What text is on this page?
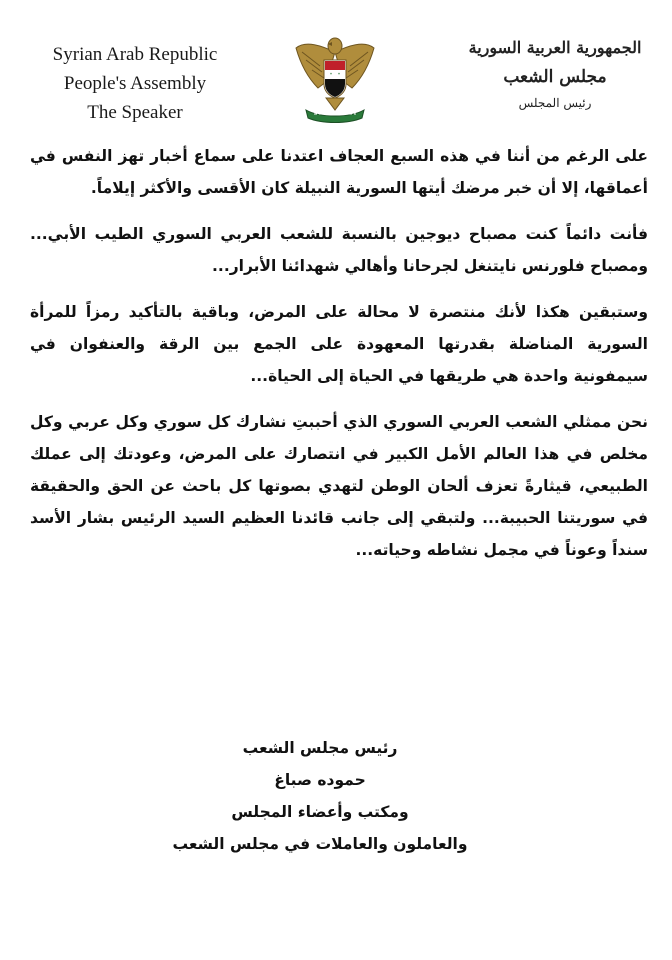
Syrian Arab Republic
People's Assembly
The Speaker
الجمهورية العربية السورية
مجلس الشعب
رئيس المجلس

على الرغم من أننا في هذه السبع العجاف اعتدنا على سماع أخبار تهز النفس في أعماقها، إلا أن خبر مرضك أيتها السورية النبيلة كان الأقسى والأكثر إيلاماً.

فأنت دائماً كنت مصباح ديوجين بالنسبة للشعب العربي السوري الطيب الأبي... ومصباح فلورنس نايتنغل لجرحانا وأهالي شهدائنا الأبرار...

وستبقين هكذا لأنك منتصرة لا محالة على المرض، وباقية بالتأكيد رمزاً للمرأة السورية المناضلة بقدرتها المعهودة على الجمع بين الرقة والعنفوان في سيمفونية واحدة هي طريقها في الحياة إلى الحياة...

نحن ممثلي الشعب العربي السوري الذي أحببتِ نشارك كل سوري وكل عربي وكل مخلص في هذا العالم الأمل الكبير في انتصارك على المرض، وعودتك إلى عملك الطبيعي، قيثارةً تعزف ألحان الوطن لتهدي بصوتها كل باحث عن الحق والحقيقة في سوريتنا الحبيبة... ولتبقي إلى جانب قائدنا العظيم السيد الرئيس بشار الأسد سنداً وعوناً في مجمل نشاطه وحياته...

رئيس مجلس الشعب
حموده صباغ
ومكتب وأعضاء المجلس
والعاملون والعاملات في مجلس الشعب
